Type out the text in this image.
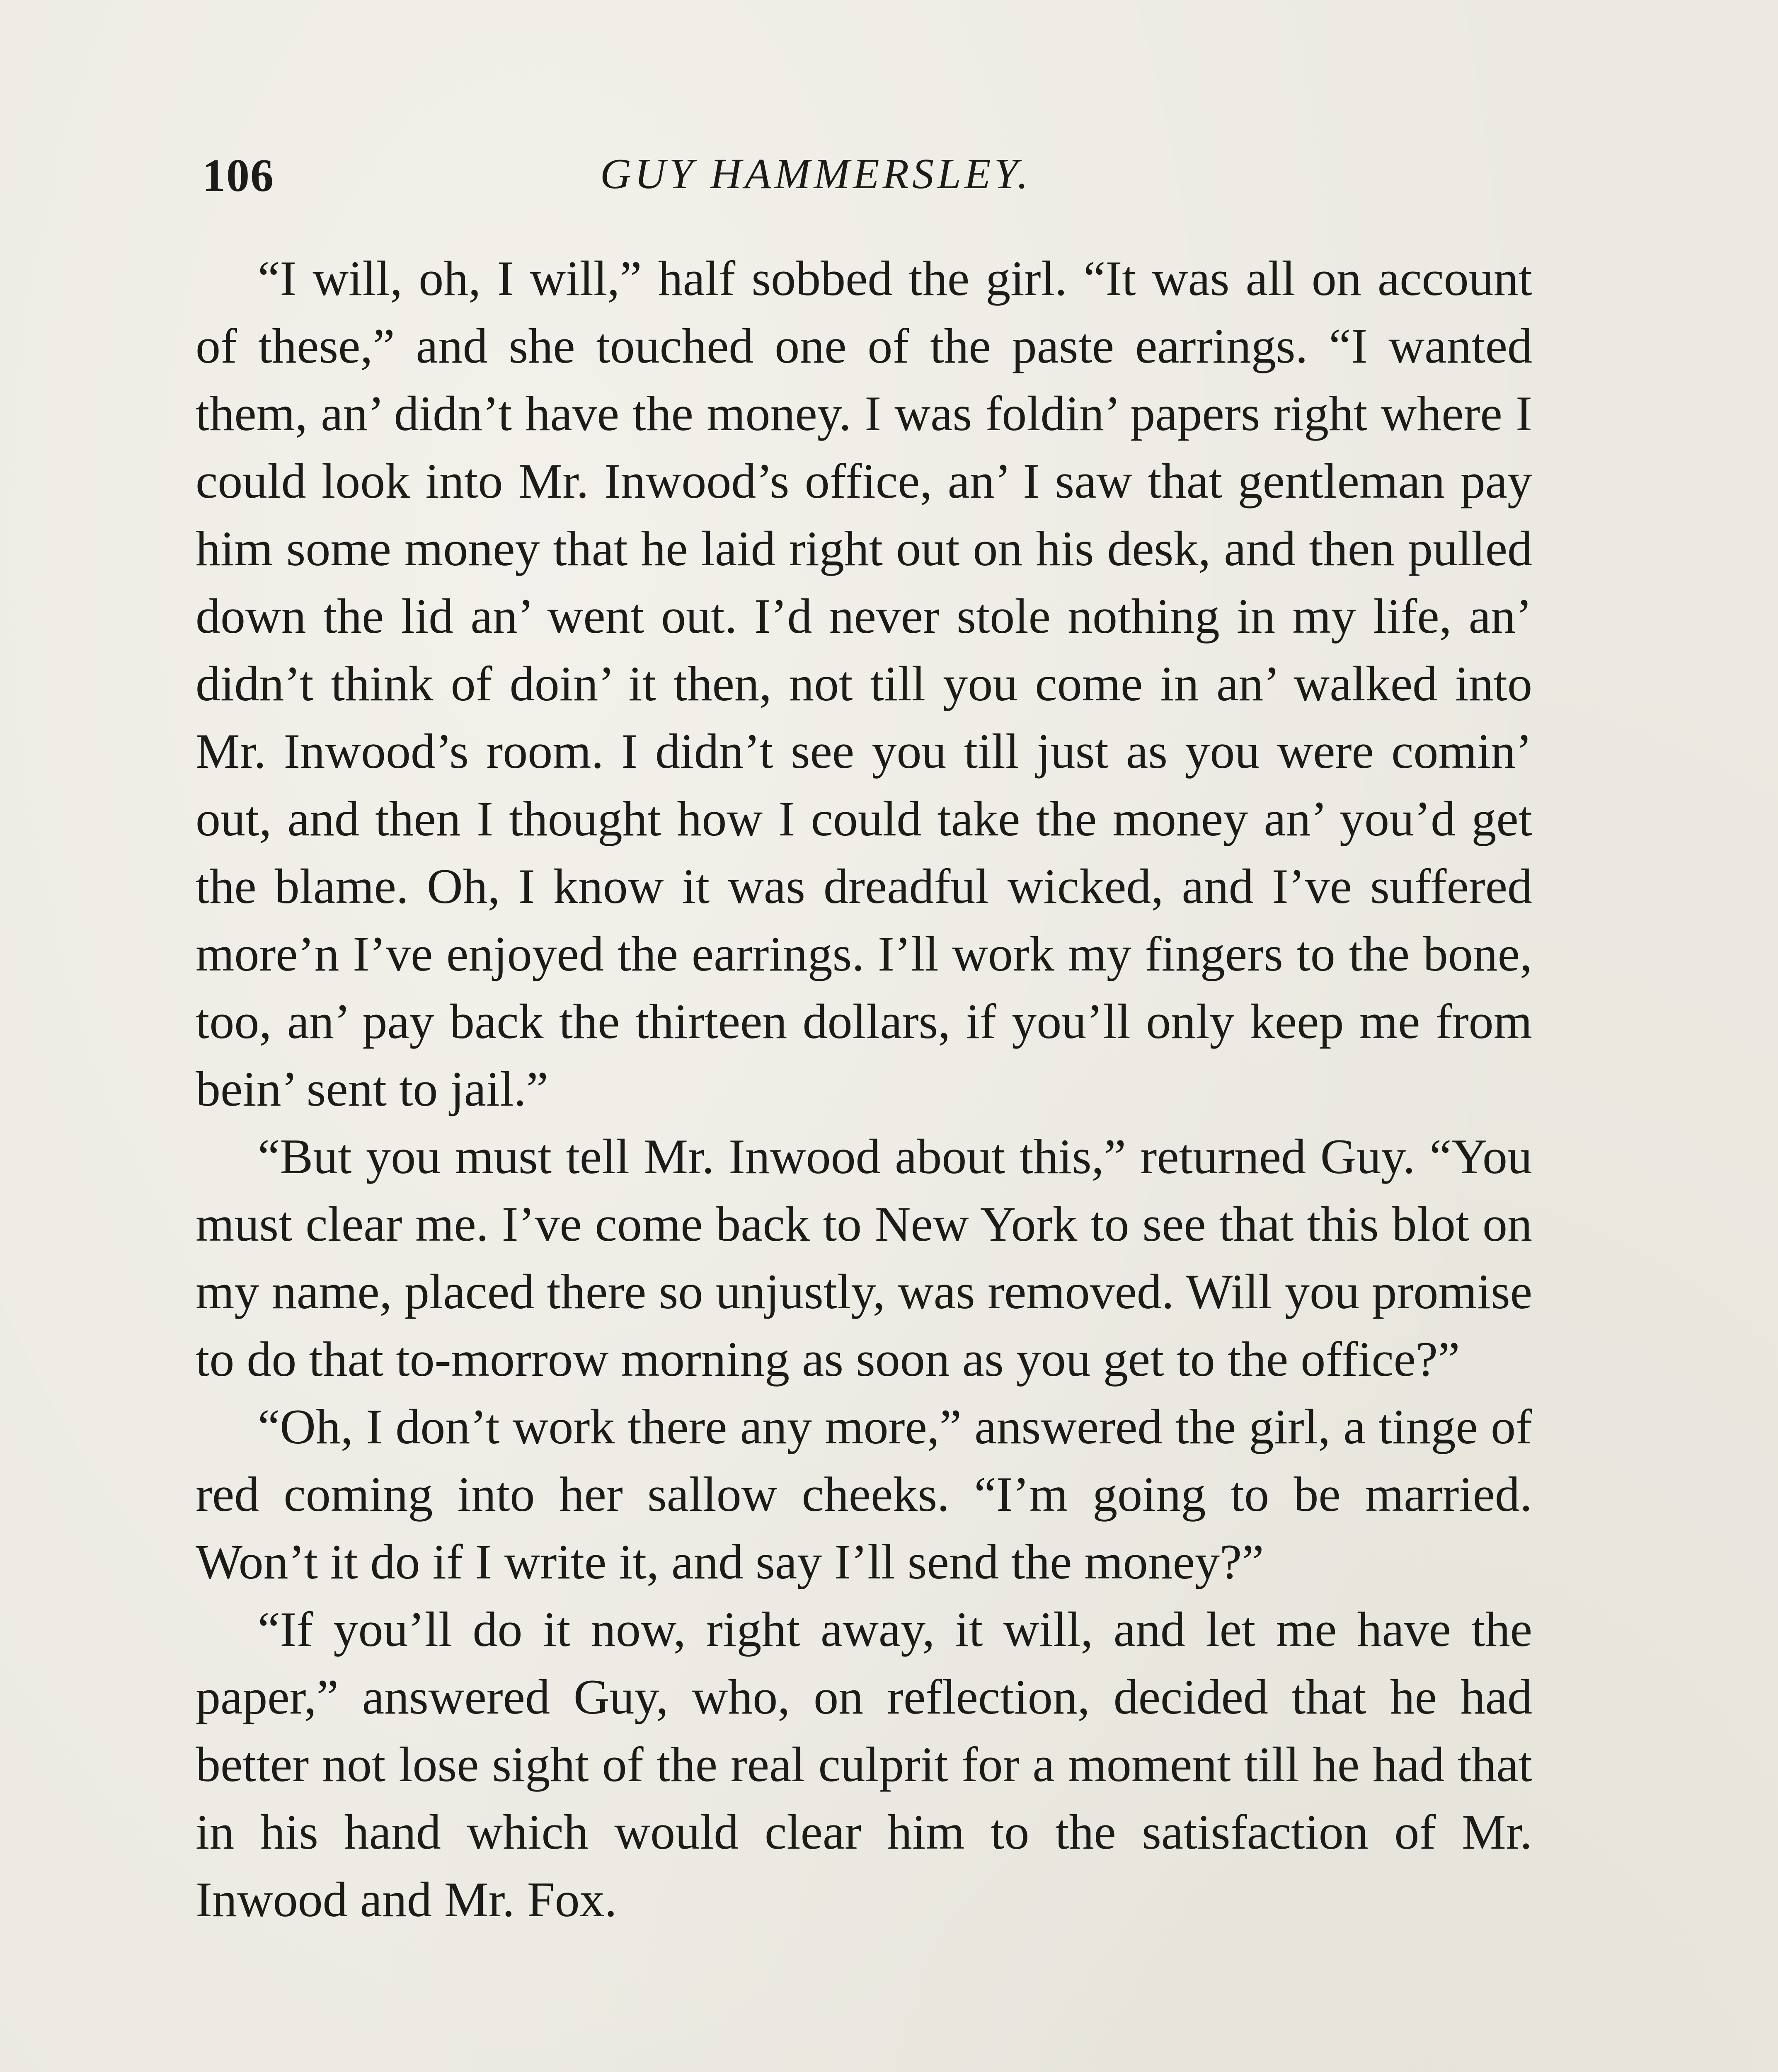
106	GUY HAMMERSLEY.

“I will, oh, I will,” half sobbed the girl. “It was all on account of these,” and she touched one of the paste earrings. “I wanted them, an’ didn’t have the money. I was foldin’ papers right where I could look into Mr. Inwood’s office, an’ I saw that gentleman pay him some money that he laid right out on his desk, and then pulled down the lid an’ went out. I’d never stole nothing in my life, an’ didn’t think of doin’ it then, not till you come in an’ walked into Mr. Inwood’s room. I didn’t see you till just as you were comin’ out, and then I thought how I could take the money an’ you’d get the blame. Oh, I know it was dreadful wicked, and I’ve suffered more’n I’ve enjoyed the earrings. I’ll work my fingers to the bone, too, an’ pay back the thirteen dollars, if you’ll only keep me from bein’ sent to jail.”

“But you must tell Mr. Inwood about this,” returned Guy. “You must clear me. I’ve come back to New York to see that this blot on my name, placed there so unjustly, was removed. Will you promise to do that to-morrow morning as soon as you get to the office?”

“Oh, I don’t work there any more,” answered the girl, a tinge of red coming into her sallow cheeks. “I’m going to be married. Won’t it do if I write it, and say I’ll send the money?”

“If you’ll do it now, right away, it will, and let me have the paper,” answered Guy, who, on reflection, decided that he had better not lose sight of the real culprit for a moment till he had that in his hand which would clear him to the satisfaction of Mr. Inwood and Mr. Fox.
